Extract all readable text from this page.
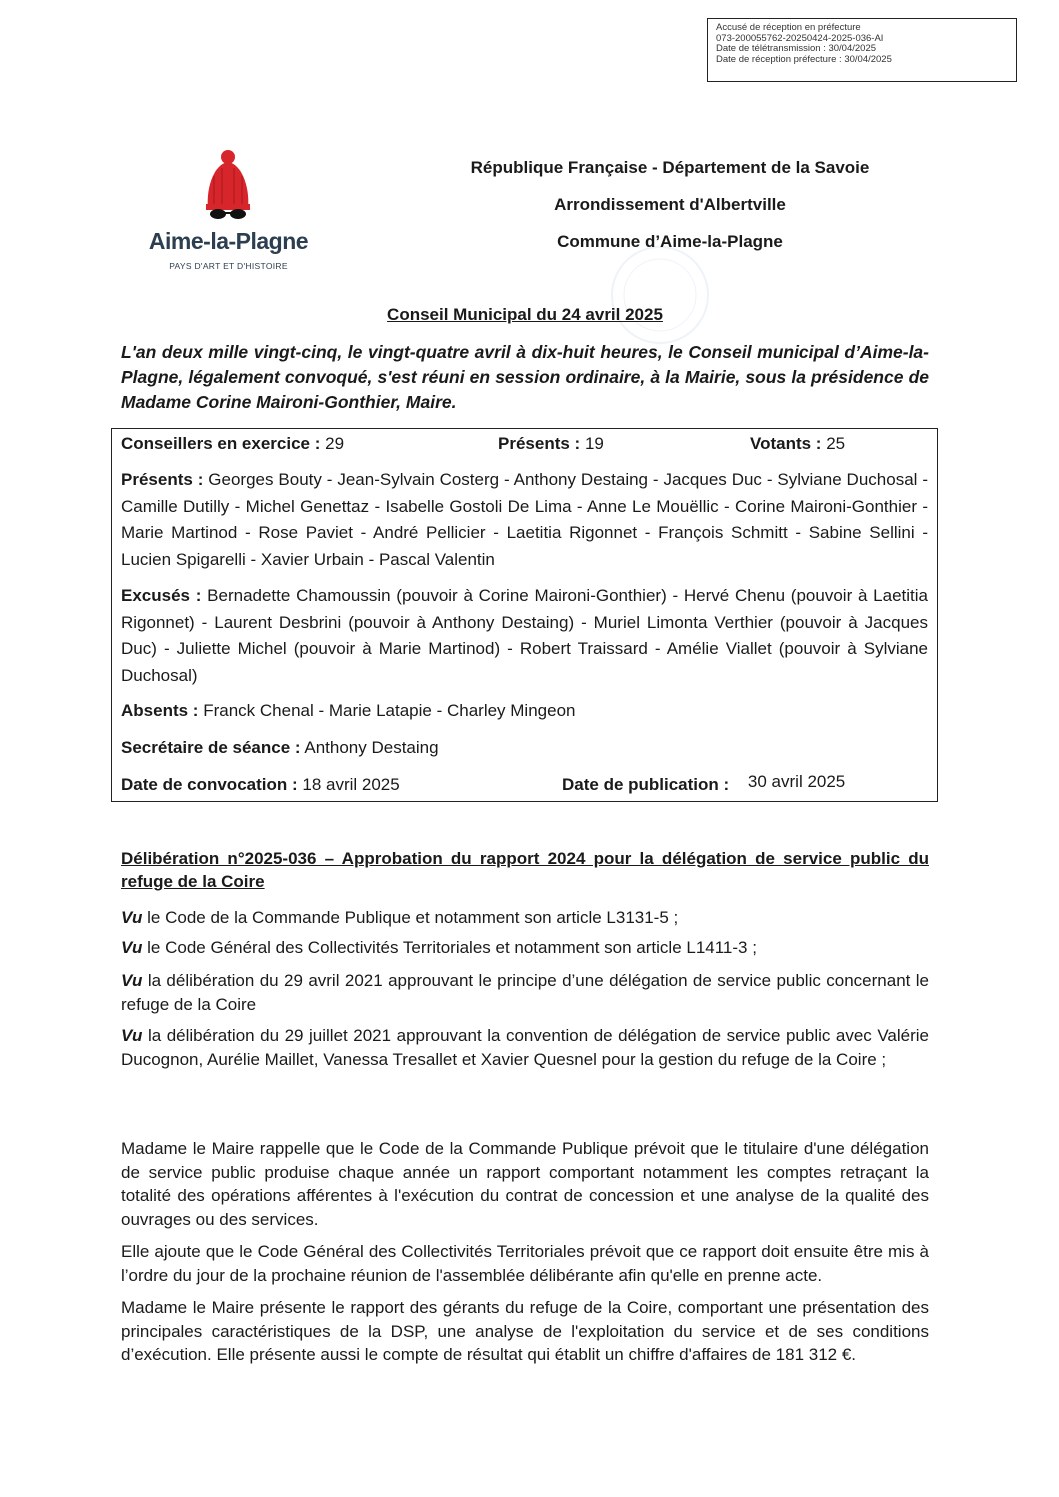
Accusé de réception en préfecture
073-200055762-20250424-2025-036-AI
Date de télétransmission : 30/04/2025
Date de réception préfecture : 30/04/2025
Aime-la-Plagne
PAYS D'ART ET D'HISTOIRE
République Française - Département de la Savoie
Arrondissement d'Albertville
Commune d’Aime-la-Plagne
Conseil Municipal du 24 avril 2025
L'an deux mille vingt-cinq, le vingt-quatre avril à dix-huit heures, le Conseil municipal d’Aime-la-Plagne, légalement convoqué, s'est réuni en session ordinaire, à la Mairie, sous la présidence de Madame Corine Maironi-Gonthier, Maire.
Conseillers en exercice : 29	Présents : 19	Votants : 25
Présents : Georges Bouty - Jean-Sylvain Costerg - Anthony Destaing - Jacques Duc - Sylviane Duchosal - Camille Dutilly - Michel Genettaz - Isabelle Gostoli De Lima - Anne Le Mouëllic - Corine Maironi-Gonthier - Marie Martinod - Rose Paviet - André Pellicier - Laetitia Rigonnet - François Schmitt - Sabine Sellini - Lucien Spigarelli - Xavier Urbain - Pascal Valentin
Excusés : Bernadette Chamoussin (pouvoir à Corine Maironi-Gonthier) - Hervé Chenu (pouvoir à Laetitia Rigonnet) - Laurent Desbrini (pouvoir à Anthony Destaing) - Muriel Limonta Verthier (pouvoir à Jacques Duc) - Juliette Michel (pouvoir à Marie Martinod) - Robert Traissard - Amélie Viallet (pouvoir à Sylviane Duchosal)
Absents : Franck Chenal - Marie Latapie - Charley Mingeon
Secrétaire de séance : Anthony Destaing
Date de convocation : 18 avril 2025	Date de publication : 30 avril 2025
Délibération n°2025-036 – Approbation du rapport 2024 pour la délégation de service public du refuge de la Coire
Vu le Code de la Commande Publique et notamment son article L3131-5 ;
Vu le Code Général des Collectivités Territoriales et notamment son article L1411-3 ;
Vu la délibération du 29 avril 2021 approuvant le principe d’une délégation de service public concernant le refuge de la Coire
Vu la délibération du 29 juillet 2021 approuvant la convention de délégation de service public avec Valérie Ducognon, Aurélie Maillet, Vanessa Tresallet et Xavier Quesnel pour la gestion du refuge de la Coire ;
Madame le Maire rappelle que le Code de la Commande Publique prévoit que le titulaire d'une délégation de service public produise chaque année un rapport comportant notamment les comptes retraçant la totalité des opérations afférentes à l'exécution du contrat de concession et une analyse de la qualité des ouvrages ou des services.
Elle ajoute que le Code Général des Collectivités Territoriales prévoit que ce rapport doit ensuite être mis à l’ordre du jour de la prochaine réunion de l'assemblée délibérante afin qu'elle en prenne acte.
Madame le Maire présente le rapport des gérants du refuge de la Coire, comportant une présentation des principales caractéristiques de la DSP, une analyse de l'exploitation du service et de ses conditions d’exécution. Elle présente aussi le compte de résultat qui établit un chiffre d'affaires de 181 312 €.
